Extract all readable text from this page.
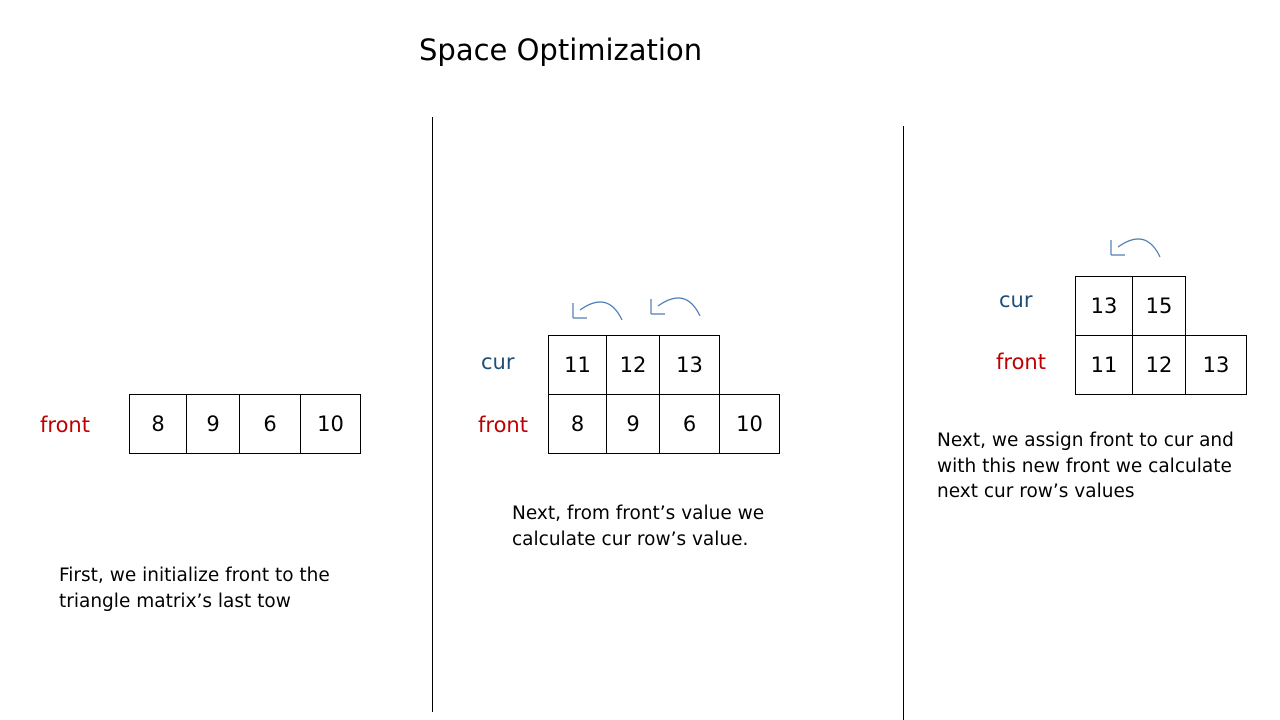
Space Optimization
front	8	9	6	10
First, we initialize front to the
triangle matrix’s last tow
cur	11	12	13
front	8	9	6	10
Next, from front’s value we
calculate cur row’s value.
cur	13	15
front	11	12	13
Next, we assign front to cur and
with this new front we calculate
next cur row’s values
